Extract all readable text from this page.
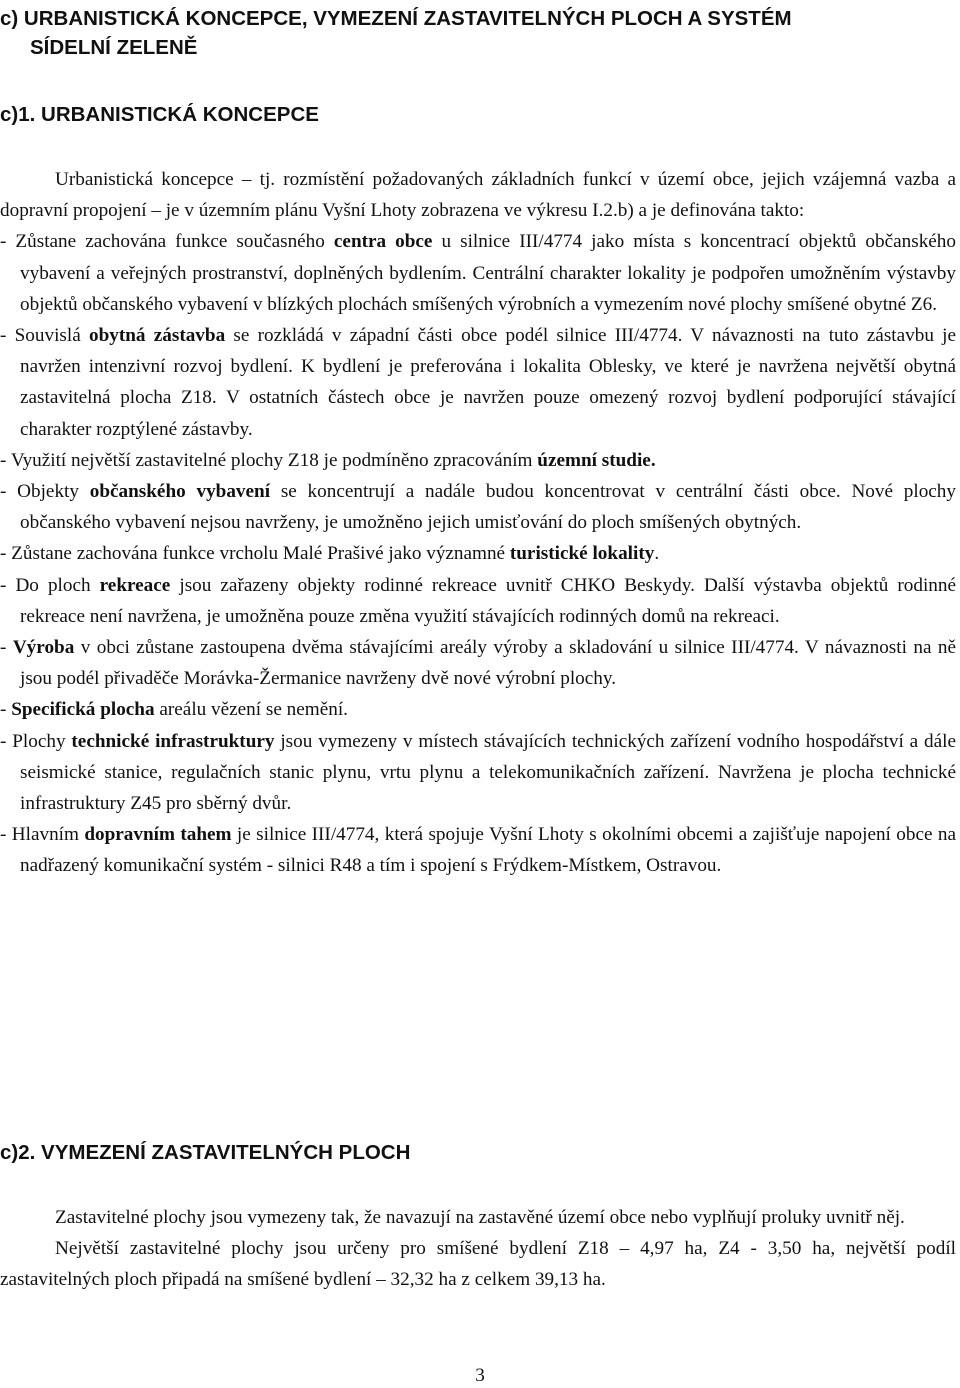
c) URBANISTICKÁ KONCEPCE, VYMEZENÍ ZASTAVITELNÝCH PLOCH A SYSTÉM
SÍDELNÍ ZELENĚ
c)1. URBANISTICKÁ KONCEPCE

Urbanistická koncepce – tj. rozmístění požadovaných základních funkcí v území obce, jejich vzájemná vazba a dopravní propojení – je v územním plánu Vyšní Lhoty zobrazena ve výkresu I.2.b) a je definována takto:

- Zůstane zachována funkce současného centra obce u silnice III/4774 jako místa s koncentrací objektů občanského vybavení a veřejných prostranství, doplněných bydlením. Centrální charakter lokality je podpořen umožněním výstavby objektů občanského vybavení v blízkých plochách smíšených výrobních a vymezením nové plochy smíšené obytné Z6.

- Souvislá obytná zástavba se rozkládá v západní části obce podél silnice III/4774. V návaznosti na tuto zástavbu je navržen intenzivní rozvoj bydlení. K bydlení je preferována i lokalita Oblesky, ve které je navržena největší obytná zastavitelná plocha Z18. V ostatních částech obce je navržen pouze omezený rozvoj bydlení podporující stávající charakter rozptýlené zástavby.

- Využití největší zastavitelné plochy Z18 je podmíněno zpracováním územní studie.

- Objekty občanského vybavení se koncentrují a nadále budou koncentrovat v centrální části obce. Nové plochy občanského vybavení nejsou navrženy, je umožněno jejich umisťování do ploch smíšených obytných.

- Zůstane zachována funkce vrcholu Malé Prašivé jako významné turistické lokality.

- Do ploch rekreace jsou zařazeny objekty rodinné rekreace uvnitř CHKO Beskydy. Další výstavba objektů rodinné rekreace není navržena, je umožněna pouze změna využití stávajících rodinných domů na rekreaci.

- Výroba v obci zůstane zastoupena dvěma stávajícími areály výroby a skladování u silnice III/4774. V návaznosti na ně jsou podél přivaděče Morávka-Žermanice navrženy dvě nové výrobní plochy.

- Specifická plocha areálu vězení se nemění.

- Plochy technické infrastruktury jsou vymezeny v místech stávajících technických zařízení vodního hospodářství a dále seismické stanice, regulačních stanic plynu, vrtu plynu a telekomunikačních zařízení. Navržena je plocha technické infrastruktury Z45 pro sběrný dvůr.

- Hlavním dopravním tahem je silnice III/4774, která spojuje Vyšní Lhoty s okolními obcemi a zajišťuje napojení obce na nadřazený komunikační systém - silnici R48 a tím i spojení s Frýdkem-Místkem, Ostravou.

c)2. VYMEZENÍ ZASTAVITELNÝCH PLOCH

Zastavitelné plochy jsou vymezeny tak, že navazují na zastavěné území obce nebo vyplňují proluky uvnitř něj.

Největší zastavitelné plochy jsou určeny pro smíšené bydlení Z18 – 4,97 ha, Z4 - 3,50 ha, největší podíl zastavitelných ploch připadá na smíšené bydlení – 32,32 ha z celkem 39,13 ha.

3
